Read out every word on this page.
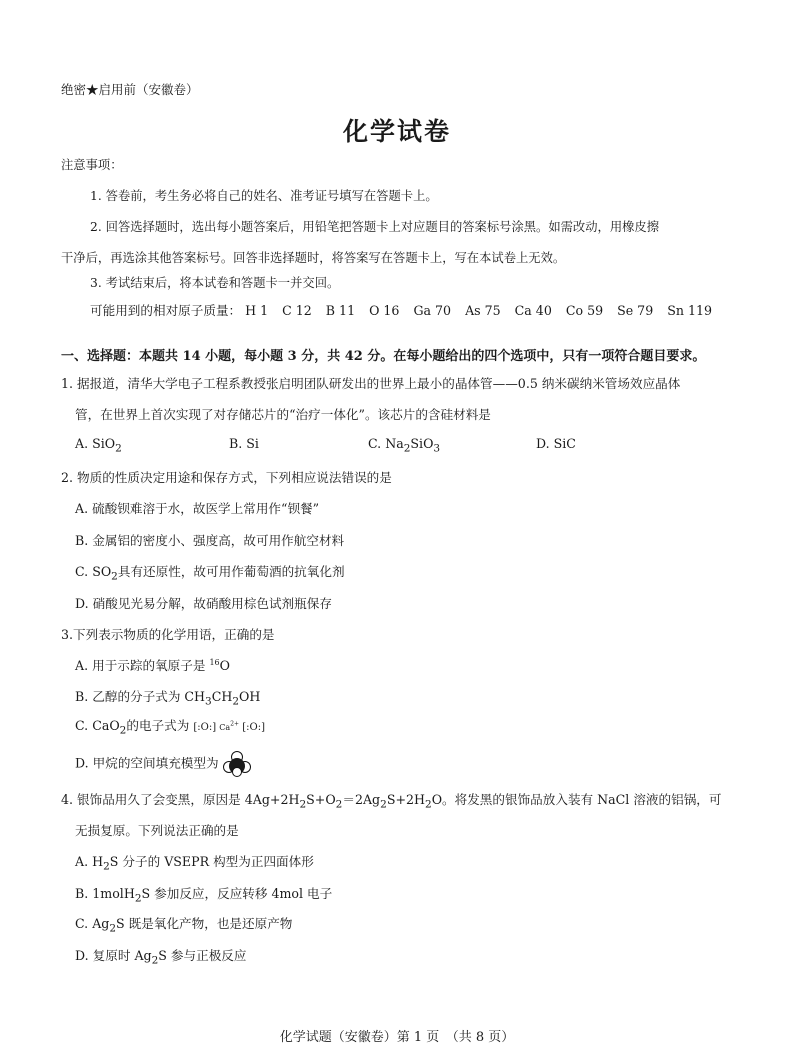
绝密★启用前（安徽卷）
化学试卷
注意事项：
1. 答卷前，考生务必将自己的姓名、准考证号填写在答题卡上。
2. 回答选择题时，选出每小题答案后，用铅笔把答题卡上对应题目的答案标号涂黑。如需改动，用橡皮擦
干净后，再选涂其他答案标号。回答非选择题时，将答案写在答题卡上，写在本试卷上无效。
3. 考试结束后，将本试卷和答题卡一并交回。
可能用到的相对原子质量： H 1 C 12 B 11 O 16 Ga 70 As 75 Ca 40 Co 59 Se 79 Sn 119
一、选择题：本题共 14 小题，每小题 3 分，共 42 分。在每小题给出的四个选项中，只有一项符合题目要求。
1. 据报道，清华大学电子工程系教授张启明团队研发出的世界上最小的晶体管——0.5 纳米碳纳米管场效应晶体
管，在世界上首次实现了对存储芯片的“治疗一体化”。该芯片的含硅材料是
A. SiO$_2$	B. Si	C. $Na_2SiO_3$	D. SiC
2. 物质的性质决定用途和保存方式，下列相应说法错误的是
A. 硫酸钡难溶于水，故医学上常用作“钡餐”
B. 金属铝的密度小、强度高，故可用作航空材料
C. $SO_2$具有还原性，故可用作葡萄酒的抗氧化剂
D. 硝酸见光易分解，故硝酸用棕色试剂瓶保存
3.下列表示物质的化学用语，正确的是
A. 用于示踪的氧原子是 $^{16}$O
B. 乙醇的分子式为 $CH_3CH_2OH$
C. CaO$_2$的电子式为 [:O:] $Ca^{2+}$ [:O:]
D. 甲烷的空间填充模型为
4. 银饰品用久了会变黑，原因是 $4Ag+2H_2S+O_2=2Ag_2S+2H_2O$。将发黑的银饰品放入装有 NaCl 溶液的铝锅，可
无损复原。下列说法正确的是
A. $H_2S$ 分子的 VSEPR 构型为正四面体形
B. 1molH$_2$S 参加反应，反应转移 4mol 电子
C. $Ag_2S$ 既是氧化产物，也是还原产物
D. 复原时 $Ag_2S$ 参与正极反应
化学试题（安徽卷）第 1 页　（共 8 页）
